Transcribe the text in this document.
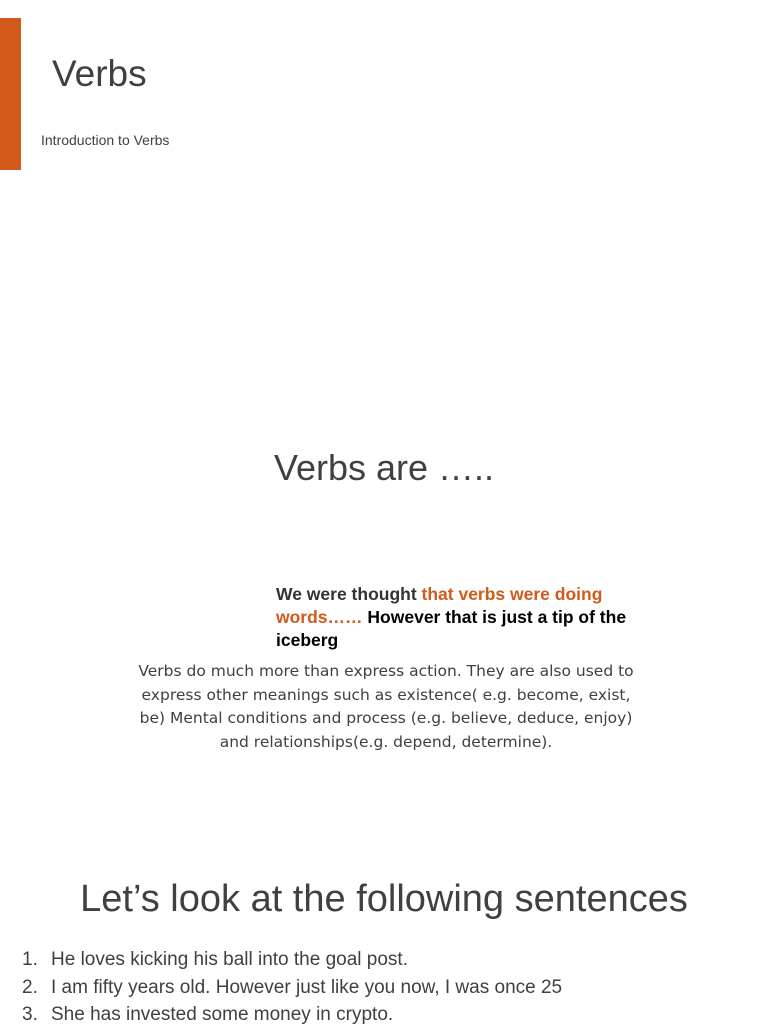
Verbs

Introduction to Verbs

Verbs are …..

We were thought that verbs were doing words…… However that is just a tip of the iceberg

Verbs do much more than express action. They are also used to express other meanings such as existence( e.g. become, exist, be) Mental conditions and process (e.g. believe, deduce, enjoy) and relationships(e.g. depend, determine).

Let’s look at the following sentences
1. He loves kicking his ball into the goal post.
2. I am fifty years old. However just like you now, I was once 25
3. She has invested some money in crypto.
